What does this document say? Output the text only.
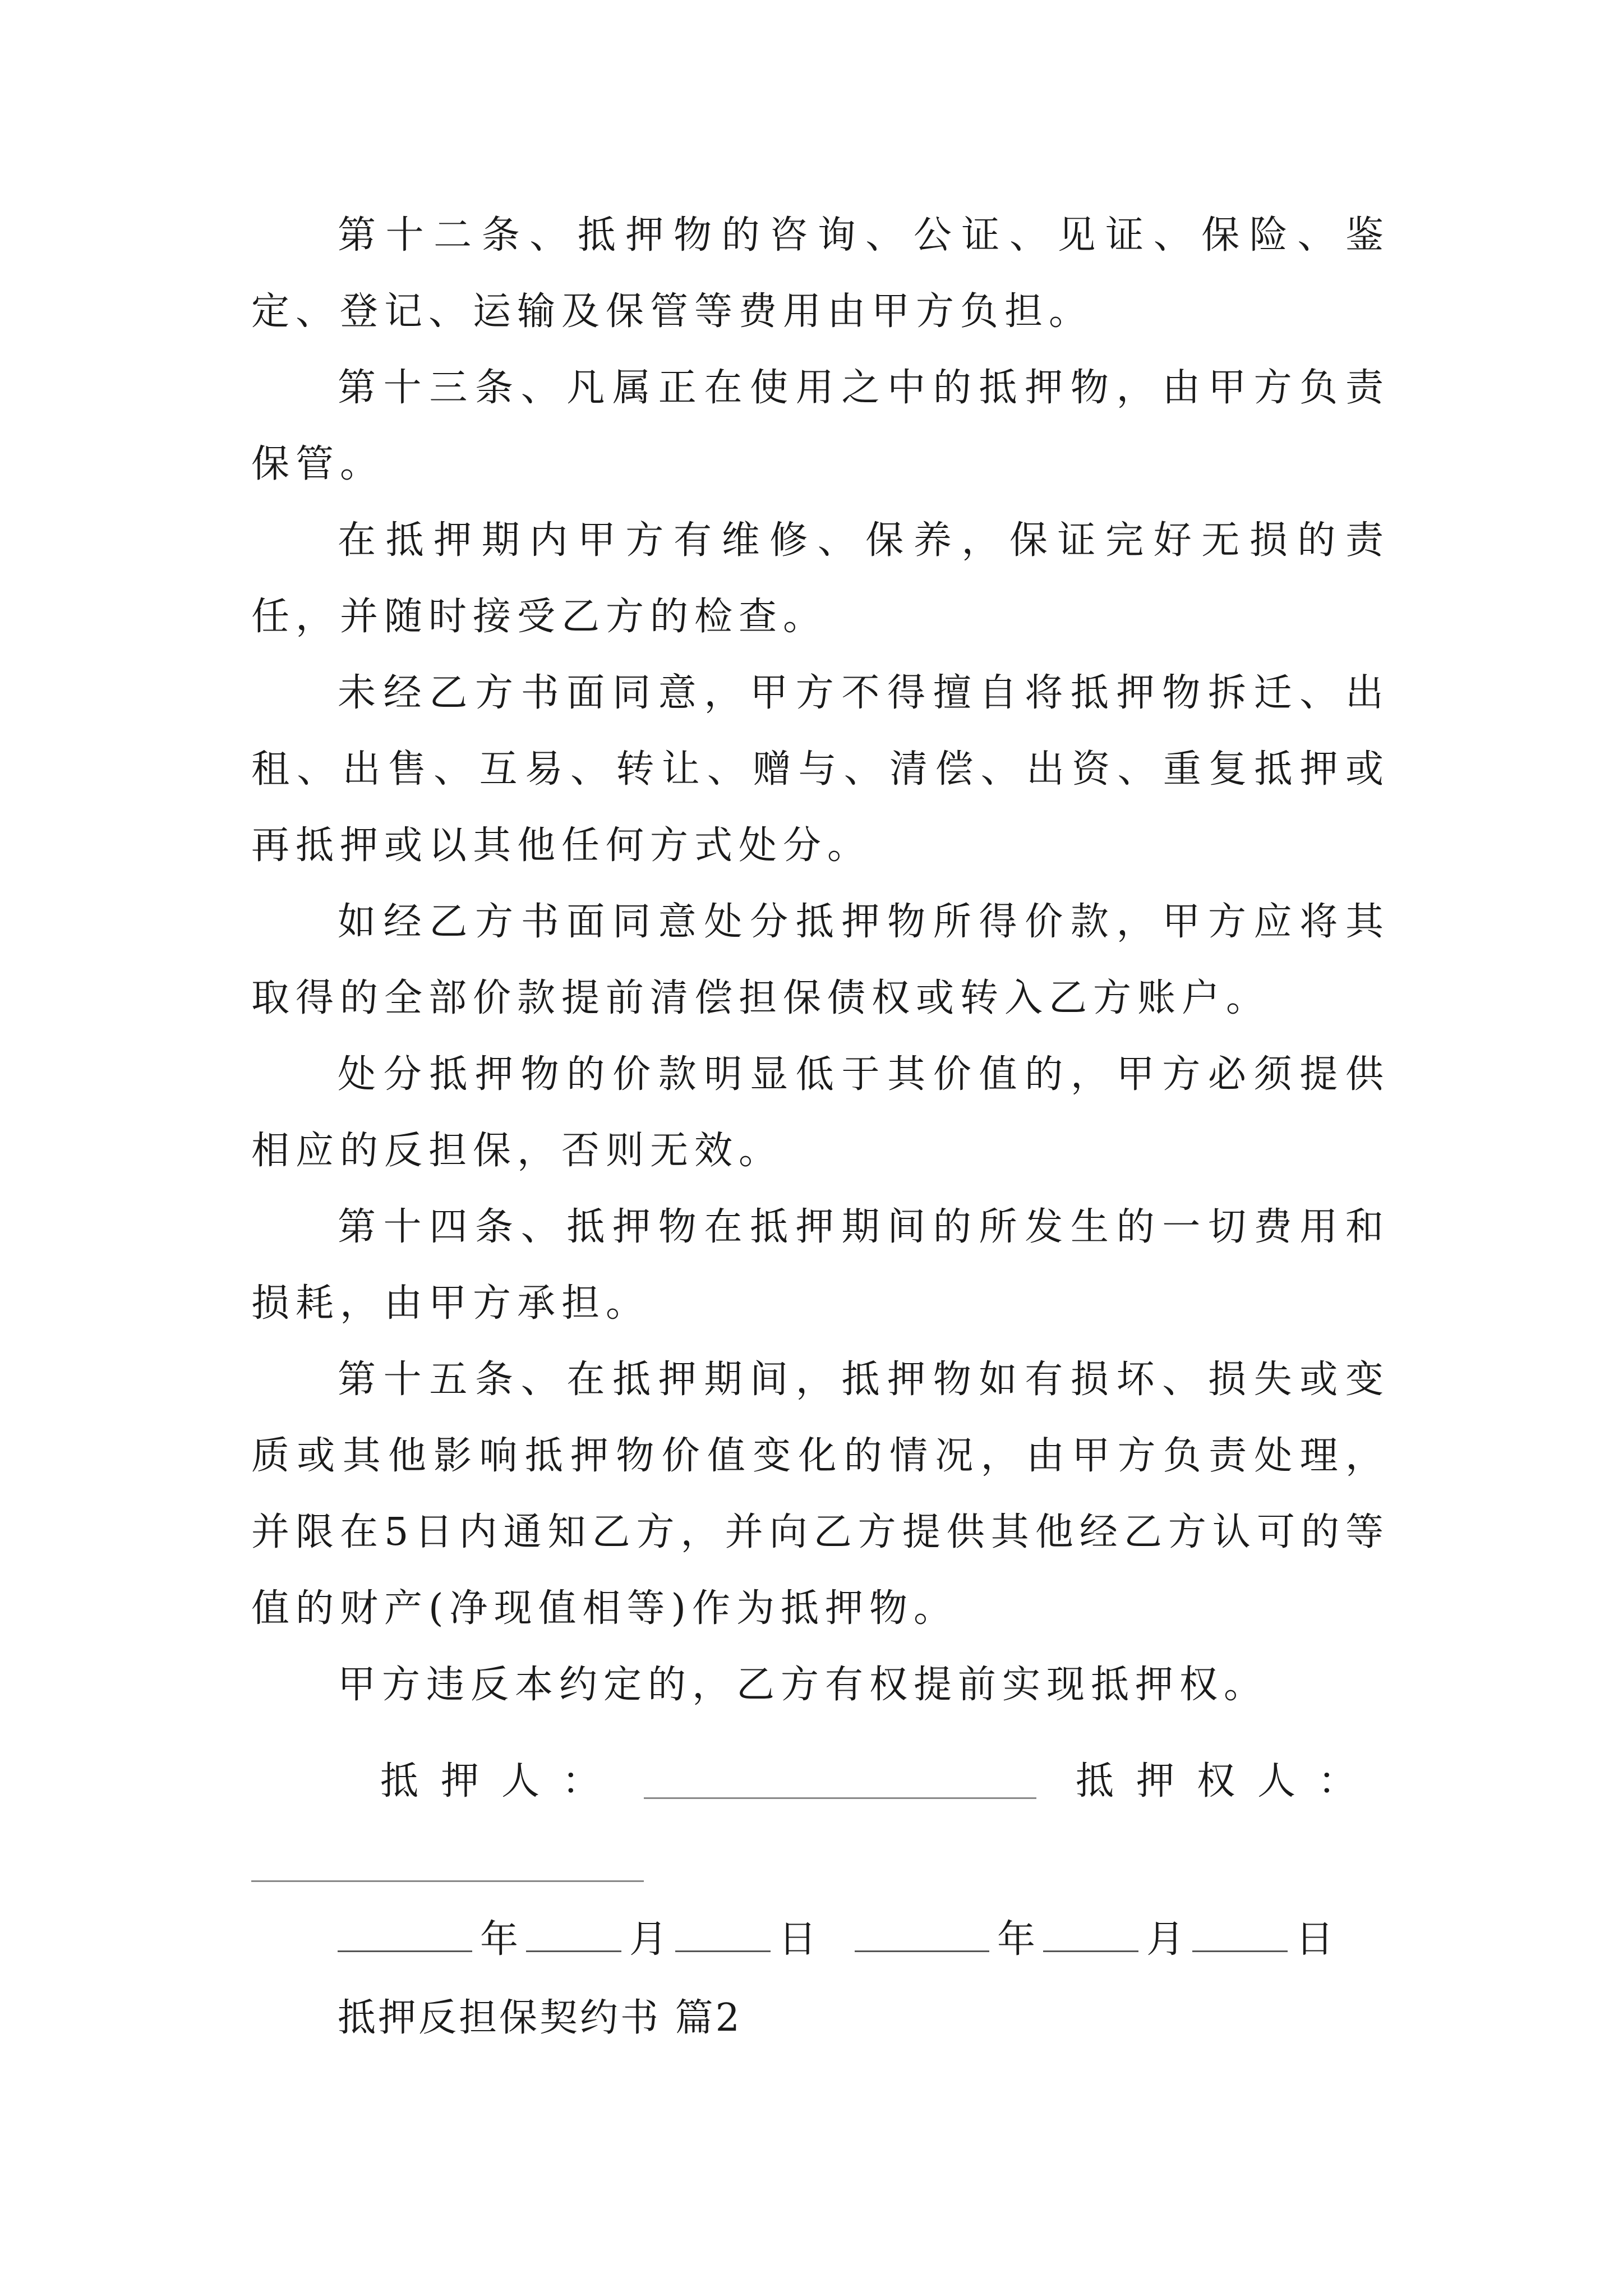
第十二条、抵押物的咨询、公证、见证、保险、鉴定、登记、运输及保管等费用由甲方负担。

第十三条、凡属正在使用之中的抵押物，由甲方负责保管。

在抵押期内甲方有维修、保养，保证完好无损的责任，并随时接受乙方的检查。

未经乙方书面同意，甲方不得擅自将抵押物拆迁、出租、出售、互易、转让、赠与、清偿、出资、重复抵押或再抵押或以其他任何方式处分。

如经乙方书面同意处分抵押物所得价款，甲方应将其取得的全部价款提前清偿担保债权或转入乙方账户。

处分抵押物的价款明显低于其价值的，甲方必须提供相应的反担保，否则无效。

第十四条、抵押物在抵押期间的所发生的一切费用和损耗，由甲方承担。

第十五条、在抵押期间，抵押物如有损坏、损失或变质或其他影响抵押物价值变化的情况，由甲方负责处理，并限在5日内通知乙方，并向乙方提供其他经乙方认可的等值的财产(净现值相等)作为抵押物。

甲方违反本约定的，乙方有权提前实现抵押权。

抵押人：	抵押权人：
年	月	日	年	月	日
抵押反担保契约书 篇2
